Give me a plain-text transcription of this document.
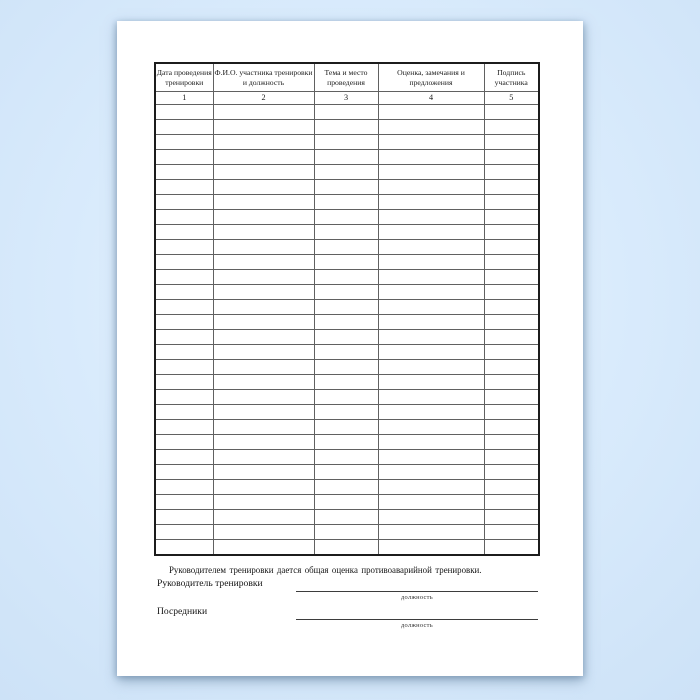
Дата проведения тренировки	Ф.И.О. участника тренировки и должность	Тема и место проведения	Оценка, замечания и предложения	Подпись участника
1	2	3	4	5

Руководителем тренировки дается общая оценка противоаварийной тренировки.

Руководитель тренировки
должность
Посредники
должность
